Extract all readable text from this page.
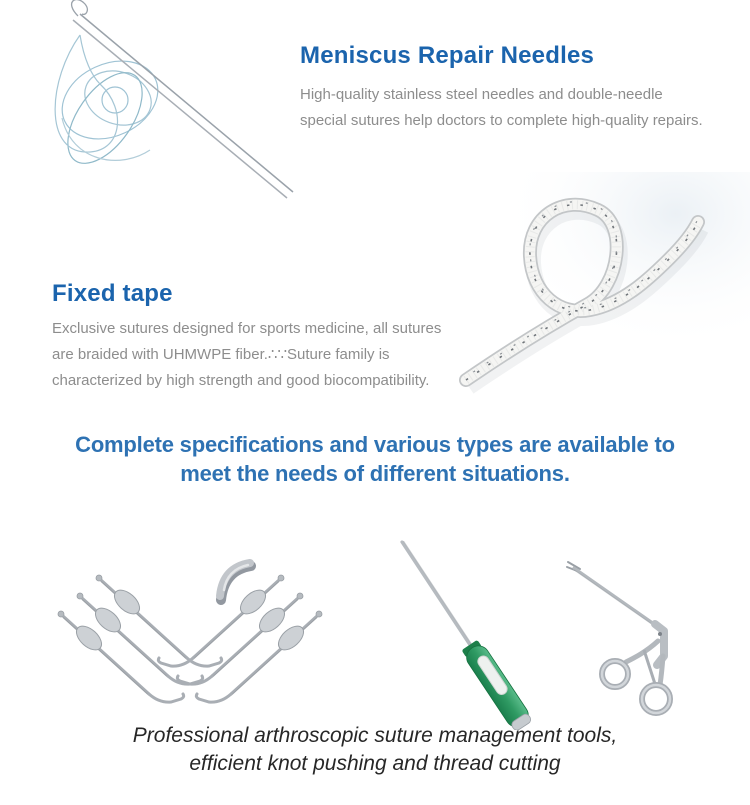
Meniscus Repair Needles

High-quality stainless steel needles and double-needle
special sutures help doctors to complete high-quality repairs.

Fixed tape

Exclusive sutures designed for sports medicine, all sutures
are braided with UHMWPE fiber.∴∵Suture family is
characterized by high strength and good biocompatibility.

Complete specifications and various types are available to
meet the needs of different situations.
Professional arthroscopic suture management tools,
efficient knot pushing and thread cutting
